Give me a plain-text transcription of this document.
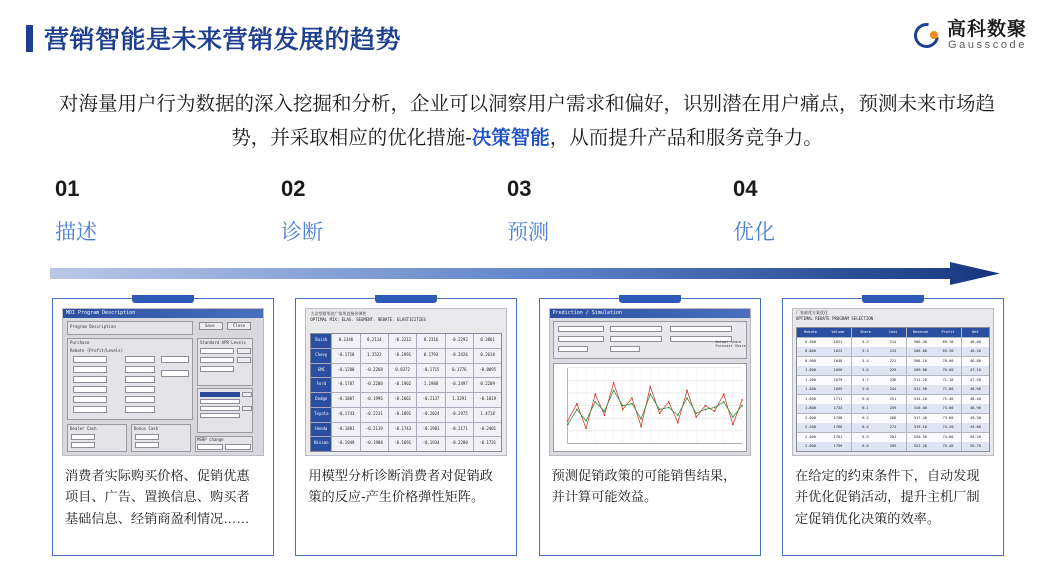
营销智能是未来营销发展的趋势	高科数聚
Gausscode
对海量用户行为数据的深入挖掘和分析，企业可以洞察用户需求和偏好，识别潜在用户痛点，预测未来市场趋势，并采取相应的优化措施-决策智能，从而提升产品和服务竞争力。
01
描述
02
诊断
03
预测
04
优化
MDI Program Description
Program Description	Save	Close
Purchase
Rebate (Profit/Levels)
Standard APR Levels
Dealer Cash	Bonus Cash
MSRP change
消费者实际购买价格、促销优惠项目、广告、置换信息、购买者基础信息、经销商盈利情况……
大众型精华款广家用直接价弹性
OPTIMAL MIX: ELAS. SEGMENT. REBATE. ELASTICITIES
Buick	0.1346	0.2114	-0.2212	0.2316	-0.2292	0.3861
Chevy	-0.1718	1.3522	-0.1991	0.1793	-0.2426	0.2618
GMC	-0.1280	-0.2268	0.8372	-0.1715	0.1776	-0.0895
Ford	-0.1787	-0.2200	-0.1902	1.1988	-0.2497	0.2209
Dodge	-0.1807	-0.1996	-0.1661	-0.2137	1.3291	-0.1819
Toyota	-0.1743	-0.2231	-0.1891	-0.2024	-0.2975	1.4718
Honda	-0.1881	-0.2119	-0.1743	-0.1981	-0.2171	-0.2401
Nissan	-0.1949	-0.1988	-0.1691	-0.1934	-0.2280	-0.1731
用模型分析诊断消费者对促销政策的反应-产生价格弹性矩阵。
Prediction / Simulation
Actual Share
Forecast Share
预测促销政策的可能销售结果，并计算可能效益。
厂家最优方案优化
OPTIMAL REBATE PROGRAM SELECTION
Rebate	Volume	Share	Cost	Revenue	Profit	Net
0.500	1621	5.2	214	506.40	69.10	46.00
0.800	1622	5.3	215	506.80	69.30	46.20
0.900	1640	5.4	221	508.10	70.00	46.80
1.000	1656	5.6	229	509.80	70.60	47.10
1.200	1679	5.7	236	511.20	71.10	47.50
1.400	1695	5.8	244	512.90	71.80	48.00
1.600	1711	6.0	251	514.20	72.40	48.40
1.800	1733	6.1	259	516.00	73.00	48.90
2.000	1748	6.2	266	517.40	73.60	49.30
2.200	1766	6.4	274	519.10	74.20	49.80
2.400	1781	6.5	281	520.50	74.80	50.20
2.600	1799	6.6	289	522.20	75.40	50.70
在给定的约束条件下，自动发现并优化促销活动，提升主机厂制定促销优化决策的效率。
